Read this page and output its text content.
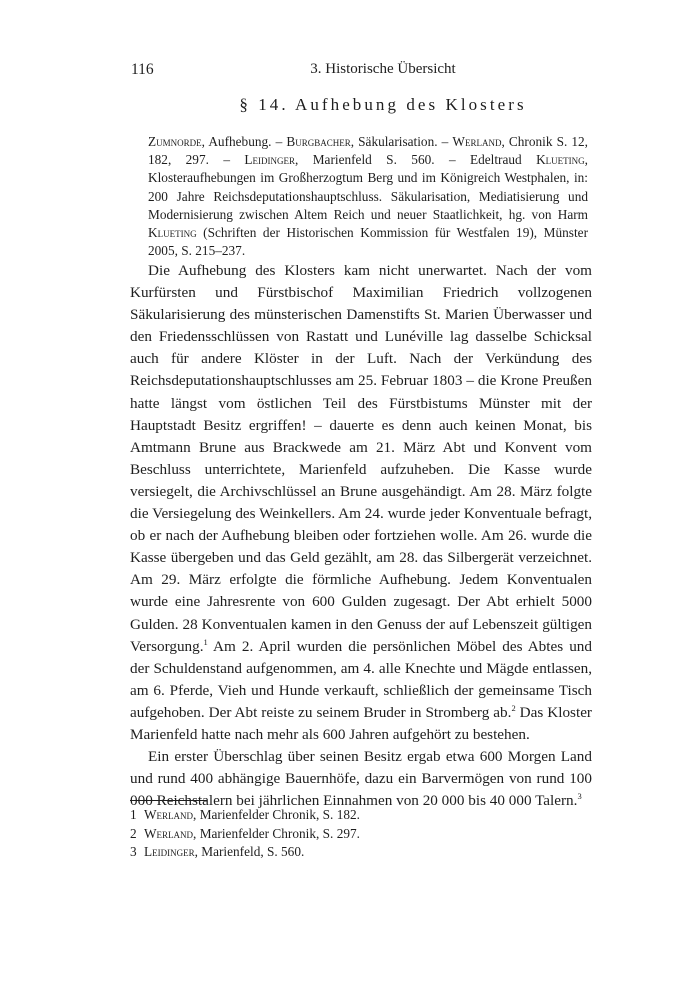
116	3. Historische Übersicht
§ 14. Aufhebung des Klosters
Zumnorde, Aufhebung. – Burgbacher, Säkularisation. – Werland, Chronik S. 12, 182, 297. – Leidinger, Marienfeld S. 560. – Edeltraud Klueting, Klosteraufhebungen im Großherzogtum Berg und im Königreich Westphalen, in: 200 Jahre Reichsdeputationshauptschluss. Säkularisation, Mediatisierung und Modernisierung zwischen Altem Reich und neuer Staatlichkeit, hg. von Harm Klueting (Schriften der Historischen Kommission für Westfalen 19), Münster 2005, S. 215–237.

Die Aufhebung des Klosters kam nicht unerwartet. Nach der vom Kurfürsten und Fürstbischof Maximilian Friedrich vollzogenen Säkularisierung des münsterischen Damenstifts St. Marien Überwasser und den Friedensschlüssen von Rastatt und Lunéville lag dasselbe Schicksal auch für andere Klöster in der Luft. Nach der Verkündung des Reichsdeputationshauptschlusses am 25. Februar 1803 – die Krone Preußen hatte längst vom östlichen Teil des Fürstbistums Münster mit der Hauptstadt Besitz ergriffen! – dauerte es denn auch keinen Monat, bis Amtmann Brune aus Brackwede am 21. März Abt und Konvent vom Beschluss unterrichtete, Marienfeld aufzuheben. Die Kasse wurde versiegelt, die Archivschlüssel an Brune ausgehändigt. Am 28. März folgte die Versiegelung des Weinkellers. Am 24. wurde jeder Konventuale befragt, ob er nach der Aufhebung bleiben oder fortziehen wolle. Am 26. wurde die Kasse übergeben und das Geld gezählt, am 28. das Silbergerät verzeichnet. Am 29. März erfolgte die förmliche Aufhebung. Jedem Konventualen wurde eine Jahresrente von 600 Gulden zugesagt. Der Abt erhielt 5000 Gulden. 28 Konventualen kamen in den Genuss der auf Lebenszeit gültigen Versorgung.$^1$ Am 2. April wurden die persönlichen Möbel des Abtes und der Schuldenstand aufgenommen, am 4. alle Knechte und Mägde entlassen, am 6. Pferde, Vieh und Hunde verkauft, schließlich der gemeinsame Tisch aufgehoben. Der Abt reiste zu seinem Bruder in Stromberg ab.$^2$ Das Kloster Marienfeld hatte nach mehr als 600 Jahren aufgehört zu bestehen.

Ein erster Überschlag über seinen Besitz ergab etwa 600 Morgen Land und rund 400 abhängige Bauernhöfe, dazu ein Barvermögen von rund 100 000 Reichstalern bei jährlichen Einnahmen von 20 000 bis 40 000 Talern.$^3$

1 Werland, Marienfelder Chronik, S. 182.
2 Werland, Marienfelder Chronik, S. 297.
3 Leidinger, Marienfeld, S. 560.
